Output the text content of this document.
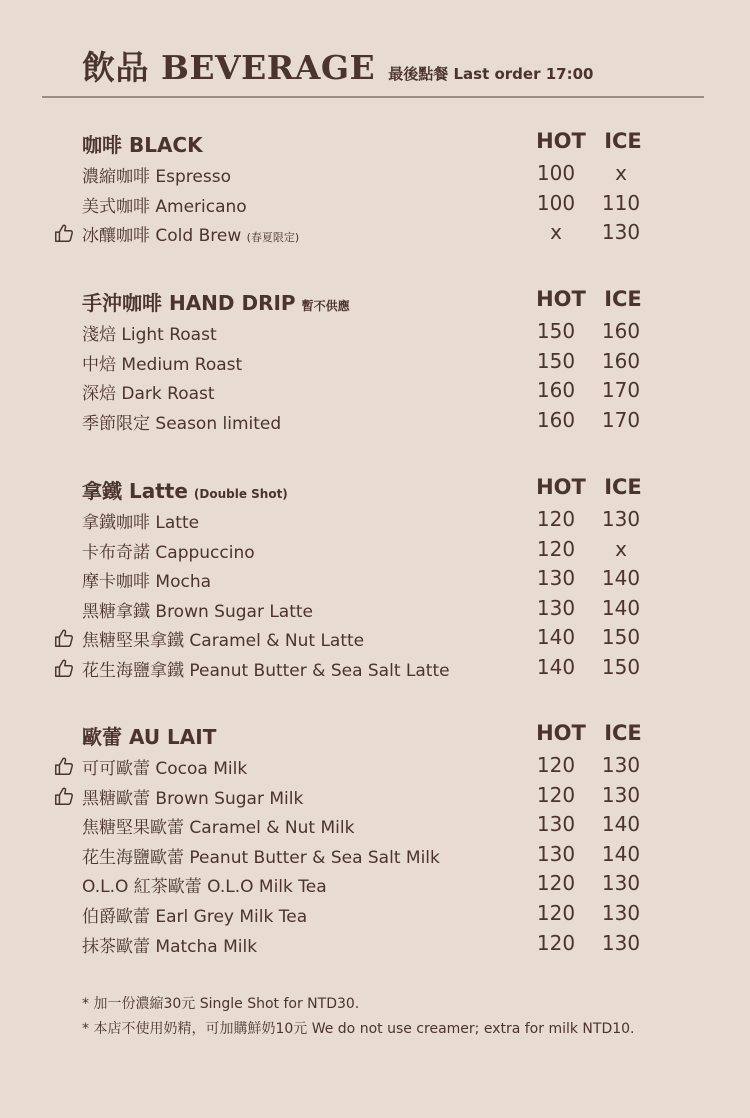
飲品 BEVERAGE 最後點餐 Last order 17:00
咖啡 BLACK	HOT ICE
濃縮咖啡 Espresso	100	x
美式咖啡 Americano	100	110
冰釀咖啡 Cold Brew (春夏限定)	x	130
手沖咖啡 HAND DRIP 暫不供應	HOT ICE
淺焙 Light Roast	150	160
中焙 Medium Roast	150	160
深焙 Dark Roast	160	170
季節限定 Season limited	160	170
拿鐵 Latte (Double Shot)	HOT ICE
拿鐵咖啡 Latte	120	130
卡布奇諾 Cappuccino	120	x
摩卡咖啡 Mocha	130	140
黑糖拿鐵 Brown Sugar Latte	130	140
焦糖堅果拿鐵 Caramel & Nut Latte	140	150
花生海鹽拿鐵 Peanut Butter & Sea Salt Latte	140	150
歐蕾 AU LAIT	HOT ICE
可可歐蕾 Cocoa Milk	120	130
黑糖歐蕾 Brown Sugar Milk	120	130
焦糖堅果歐蕾 Caramel & Nut Milk	130	140
花生海鹽歐蕾 Peanut Butter & Sea Salt Milk	130	140
O.L.O 紅茶歐蕾 O.L.O Milk Tea	120	130
伯爵歐蕾 Earl Grey Milk Tea	120	130
抹茶歐蕾 Matcha Milk	120	130
* 加一份濃縮30元 Single Shot for NTD30.
* 本店不使用奶精，可加購鮮奶10元 We do not use creamer; extra for milk NTD10.
